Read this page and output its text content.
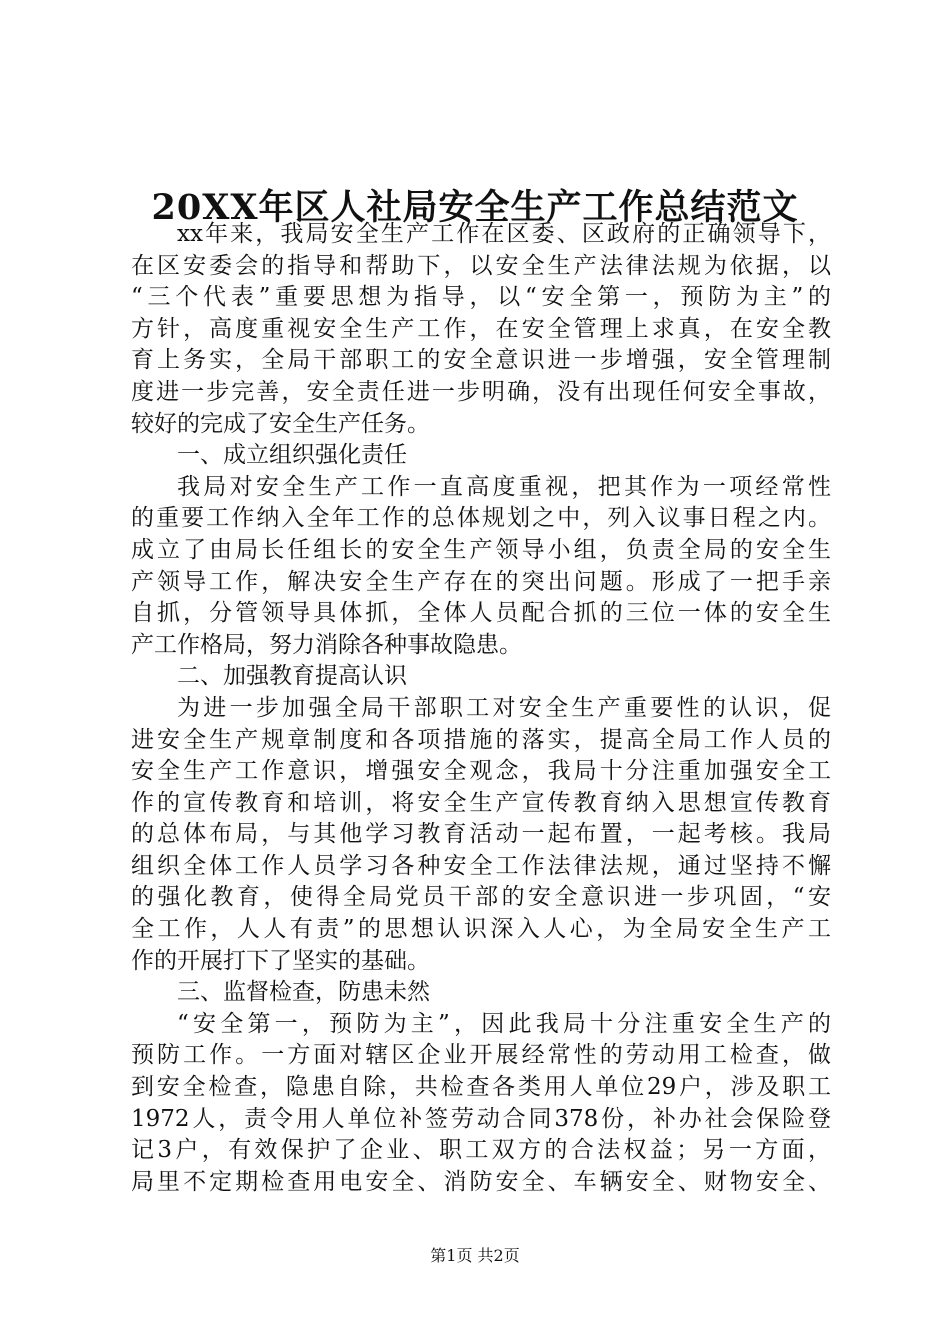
20XX年区人社局安全生产工作总结范文
xx年来，我局安全生产工作在区委、区政府的正确领导下，
在区安委会的指导和帮助下，以安全生产法律法规为依据，以
“三个代表”重要思想为指导，以“安全第一，预防为主”的
方针，高度重视安全生产工作，在安全管理上求真，在安全教
育上务实，全局干部职工的安全意识进一步增强，安全管理制
度进一步完善，安全责任进一步明确，没有出现任何安全事故，
较好的完成了安全生产任务。
一、成立组织强化责任
我局对安全生产工作一直高度重视，把其作为一项经常性
的重要工作纳入全年工作的总体规划之中，列入议事日程之内。
成立了由局长任组长的安全生产领导小组，负责全局的安全生
产领导工作，解决安全生产存在的突出问题。形成了一把手亲
自抓，分管领导具体抓，全体人员配合抓的三位一体的安全生
产工作格局，努力消除各种事故隐患。
二、加强教育提高认识
为进一步加强全局干部职工对安全生产重要性的认识，促
进安全生产规章制度和各项措施的落实，提高全局工作人员的
安全生产工作意识，增强安全观念，我局十分注重加强安全工
作的宣传教育和培训，将安全生产宣传教育纳入思想宣传教育
的总体布局，与其他学习教育活动一起布置，一起考核。我局
组织全体工作人员学习各种安全工作法律法规，通过坚持不懈
的强化教育，使得全局党员干部的安全意识进一步巩固，“安
全工作，人人有责”的思想认识深入人心，为全局安全生产工
作的开展打下了坚实的基础。
三、监督检查，防患未然
“安全第一，预防为主”，因此我局十分注重安全生产的
预防工作。一方面对辖区企业开展经常性的劳动用工检查，做
到安全检查，隐患自除，共检查各类用人单位29户，涉及职工
1972人，责令用人单位补签劳动合同378份，补办社会保险登
记3户，有效保护了企业、职工双方的合法权益；另一方面，
局里不定期检查用电安全、消防安全、车辆安全、财物安全、
第1页 共2页
